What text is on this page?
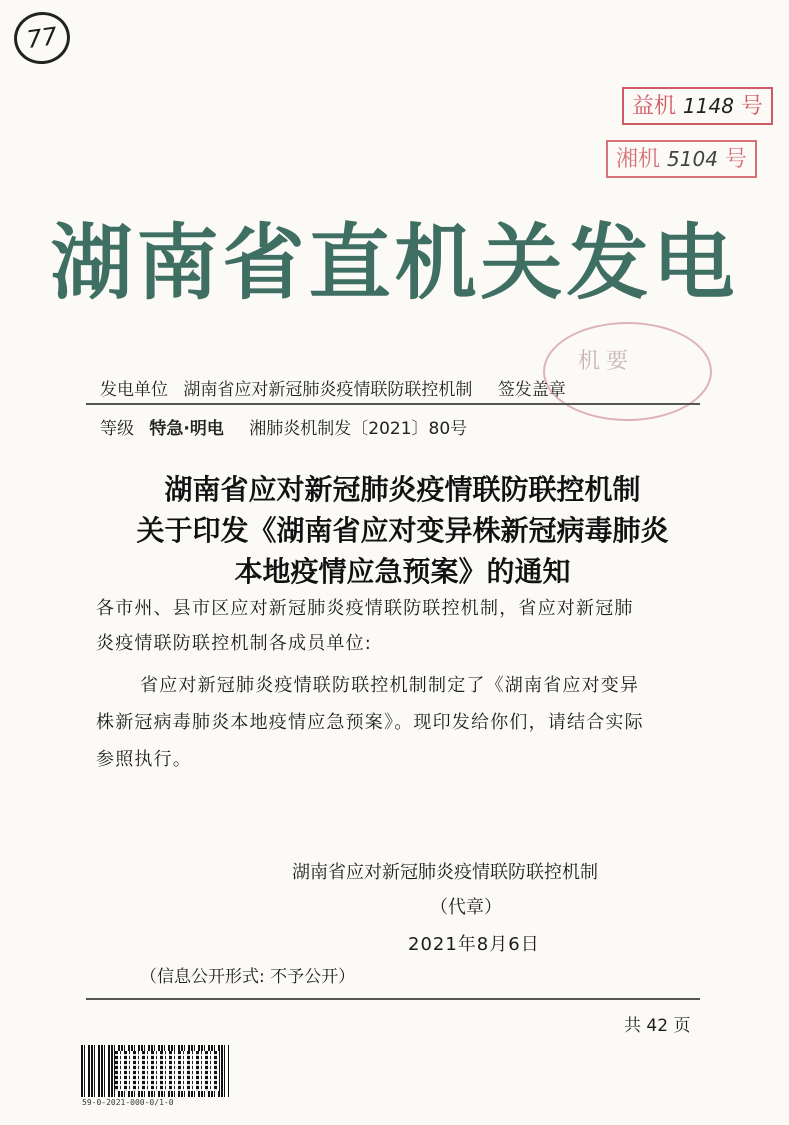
77
益机 1148 号
湘机 5104 号
湖南省直机关发电
机要
发电单位 湖南省应对新冠肺炎疫情联防联控机制 签发盖章
等级 特急·明电 湘肺炎机制发〔2021〕80号
湖南省应对新冠肺炎疫情联防联控机制
关于印发《湖南省应对变异株新冠病毒肺炎
本地疫情应急预案》的通知
各市州、县市区应对新冠肺炎疫情联防联控机制，省应对新冠肺
炎疫情联防联控机制各成员单位:
省应对新冠肺炎疫情联防联控机制制定了《湖南省应对变异
株新冠病毒肺炎本地疫情应急预案》。现印发给你们，请结合实际
参照执行。
湖南省应对新冠肺炎疫情联防联控机制
（代章）
2021年8月6日
（信息公开形式: 不予公开）
共 42 页
59-0-2021-000-0/1-0
